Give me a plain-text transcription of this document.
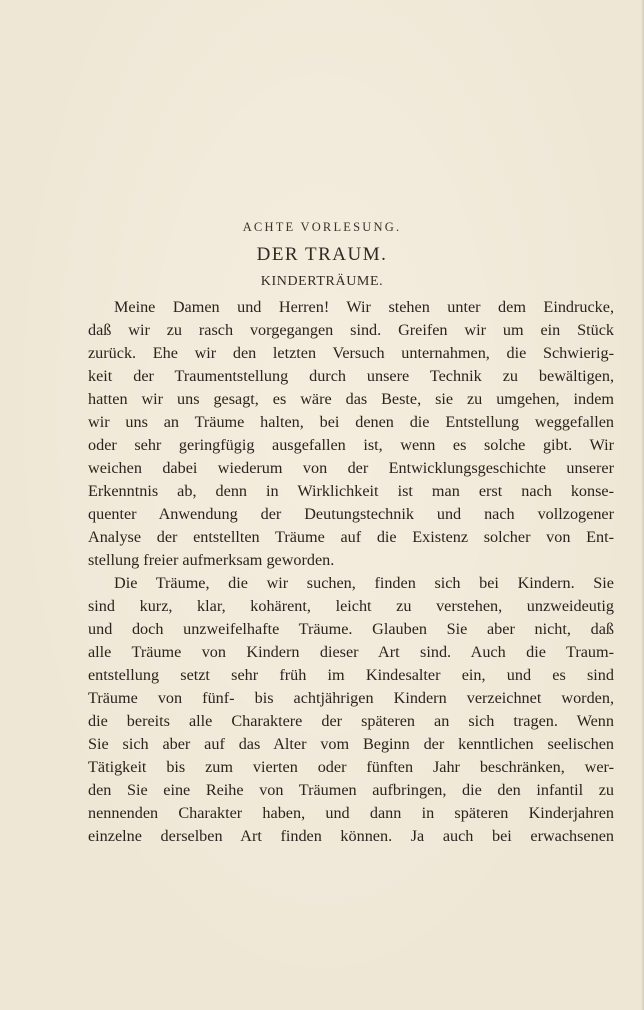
ACHTE VORLESUNG.
DER TRAUM.
KINDERTRÄUME.
Meine Damen und Herren! Wir stehen unter dem Eindrucke,
daß wir zu rasch vorgegangen sind. Greifen wir um ein Stück
zurück. Ehe wir den letzten Versuch unternahmen, die Schwierig-
keit der Traumentstellung durch unsere Technik zu bewältigen,
hatten wir uns gesagt, es wäre das Beste, sie zu umgehen, indem
wir uns an Träume halten, bei denen die Entstellung weggefallen
oder sehr geringfügig ausgefallen ist, wenn es solche gibt. Wir
weichen dabei wiederum von der Entwicklungsgeschichte unserer
Erkenntnis ab, denn in Wirklichkeit ist man erst nach konse-
quenter Anwendung der Deutungstechnik und nach vollzogener
Analyse der entstellten Träume auf die Existenz solcher von Ent-
stellung freier aufmerksam geworden.
Die Träume, die wir suchen, finden sich bei Kindern. Sie
sind kurz, klar, kohärent, leicht zu verstehen, unzweideutig
und doch unzweifelhafte Träume. Glauben Sie aber nicht, daß
alle Träume von Kindern dieser Art sind. Auch die Traum-
entstellung setzt sehr früh im Kindesalter ein, und es sind
Träume von fünf- bis achtjährigen Kindern verzeichnet worden,
die bereits alle Charaktere der späteren an sich tragen. Wenn
Sie sich aber auf das Alter vom Beginn der kenntlichen seelischen
Tätigkeit bis zum vierten oder fünften Jahr beschränken, wer-
den Sie eine Reihe von Träumen aufbringen, die den infantil zu
nennenden Charakter haben, und dann in späteren Kinderjahren
einzelne derselben Art finden können. Ja auch bei erwachsenen
